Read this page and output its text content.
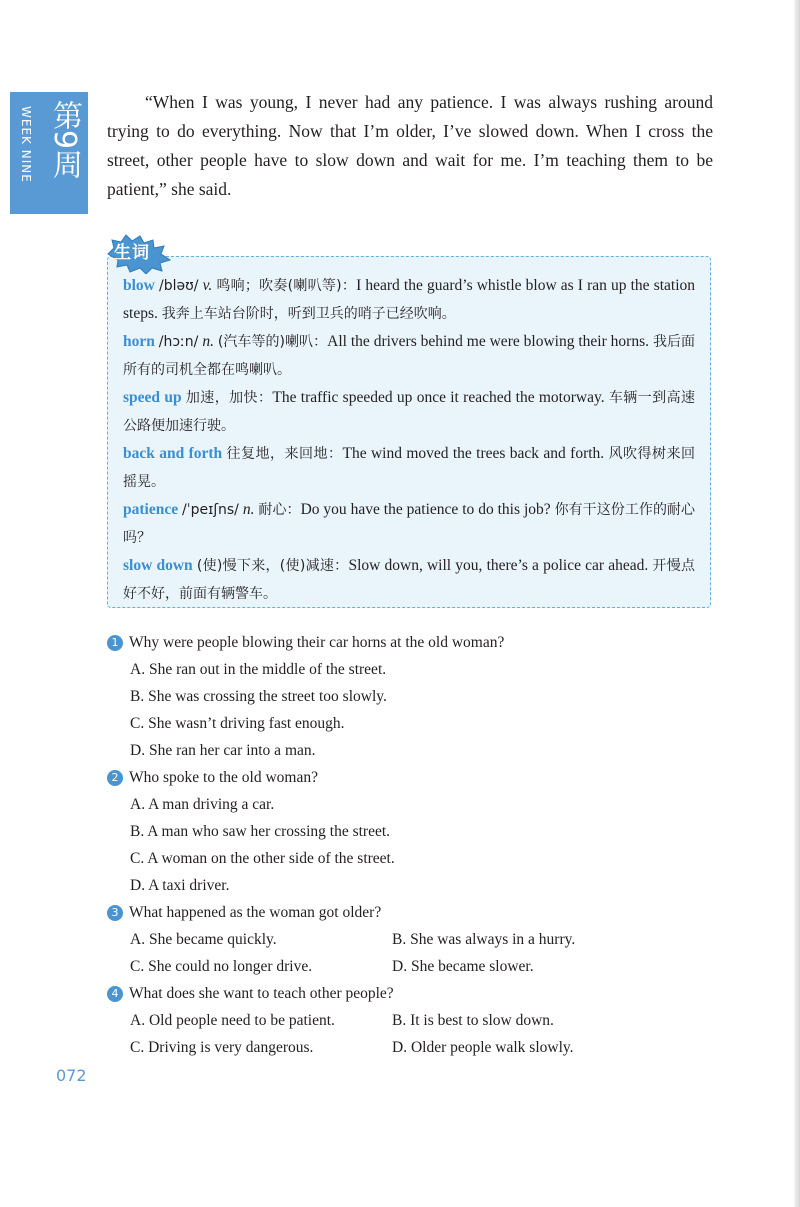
WEEK NINE 第9周	“When I was young, I never had any patience. I was always rushing around trying to do everything. Now that I’m older, I’ve slowed down. When I cross the street, other people have to slow down and wait for me. I’m teaching them to be patient,” she said.

生词
blow /bləʊ/ v. 鸣响；吹奏(喇叭等)：I heard the guard’s whistle blow as I ran up the station steps. 我奔上车站台阶时，听到卫兵的哨子已经吹响。
horn /hɔːn/ n. (汽车等的)喇叭：All the drivers behind me were blowing their horns. 我后面所有的司机全都在鸣喇叭。
speed up 加速，加快：The traffic speeded up once it reached the motorway. 车辆一到高速公路便加速行驶。
back and forth 往复地，来回地：The wind moved the trees back and forth. 风吹得树来回摇晃。
patience /ˈpeɪʃns/ n. 耐心：Do you have the patience to do this job? 你有干这份工作的耐心吗？
slow down (使)慢下来，(使)减速：Slow down, will you, there’s a police car ahead. 开慢点好不好，前面有辆警车。
1 Why were people blowing their car horns at the old woman?
A. She ran out in the middle of the street.
B. She was crossing the street too slowly.
C. She wasn’t driving fast enough.
D. She ran her car into a man.
2 Who spoke to the old woman?
A. A man driving a car.
B. A man who saw her crossing the street.
C. A woman on the other side of the street.
D. A taxi driver.
3 What happened as the woman got older?
A. She became quickly.	B. She was always in a hurry.
C. She could no longer drive.	D. She became slower.
4 What does she want to teach other people?
A. Old people need to be patient.	B. It is best to slow down.
C. Driving is very dangerous.	D. Older people walk slowly.
072
